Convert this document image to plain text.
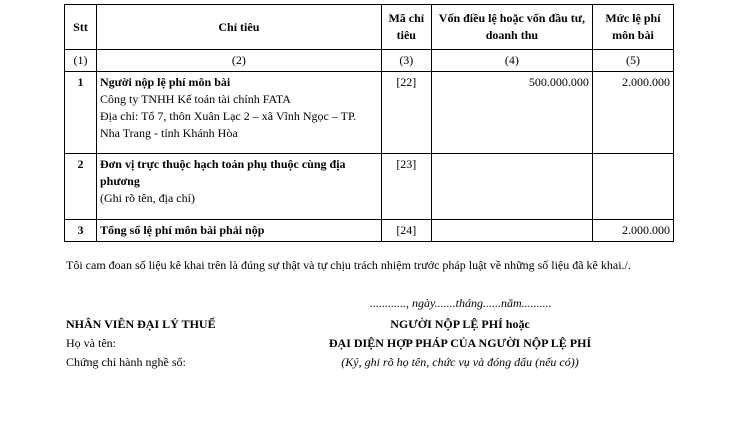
Stt	Chỉ tiêu	Mã chỉ tiêu	Vốn điều lệ hoặc vốn đầu tư, doanh thu	Mức lệ phí môn bài
(1)	(2)	(3)	(4)	(5)
1	Người nộp lệ phí môn bài
Công ty TNHH Kế toán tài chính FATA
Địa chỉ: Tổ 7, thôn Xuân Lạc 2 – xã Vĩnh Ngọc – TP. Nha Trang - tỉnh Khánh Hòa	[22]	500.000.000	2.000.000
2	Đơn vị trực thuộc hạch toán phụ thuộc cùng địa phương
(Ghi rõ tên, địa chỉ)	[23]		
3	Tổng số lệ phí môn bài phải nộp	[24]		2.000.000
Tôi cam đoan số liệu kê khai trên là đúng sự thật và tự chịu trách nhiệm trước pháp luật về những số liệu đã kê khai./.
............, ngày.......tháng......năm..........
NHÂN VIÊN ĐẠI LÝ THUẾ
Họ và tên:
Chứng chỉ hành nghề số:
NGƯỜI NỘP LỆ PHÍ hoặc
ĐẠI DIỆN HỢP PHÁP CỦA NGƯỜI NỘP LỆ PHÍ
(Ký, ghi rõ họ tên, chức vụ và đóng dấu (nếu có))
